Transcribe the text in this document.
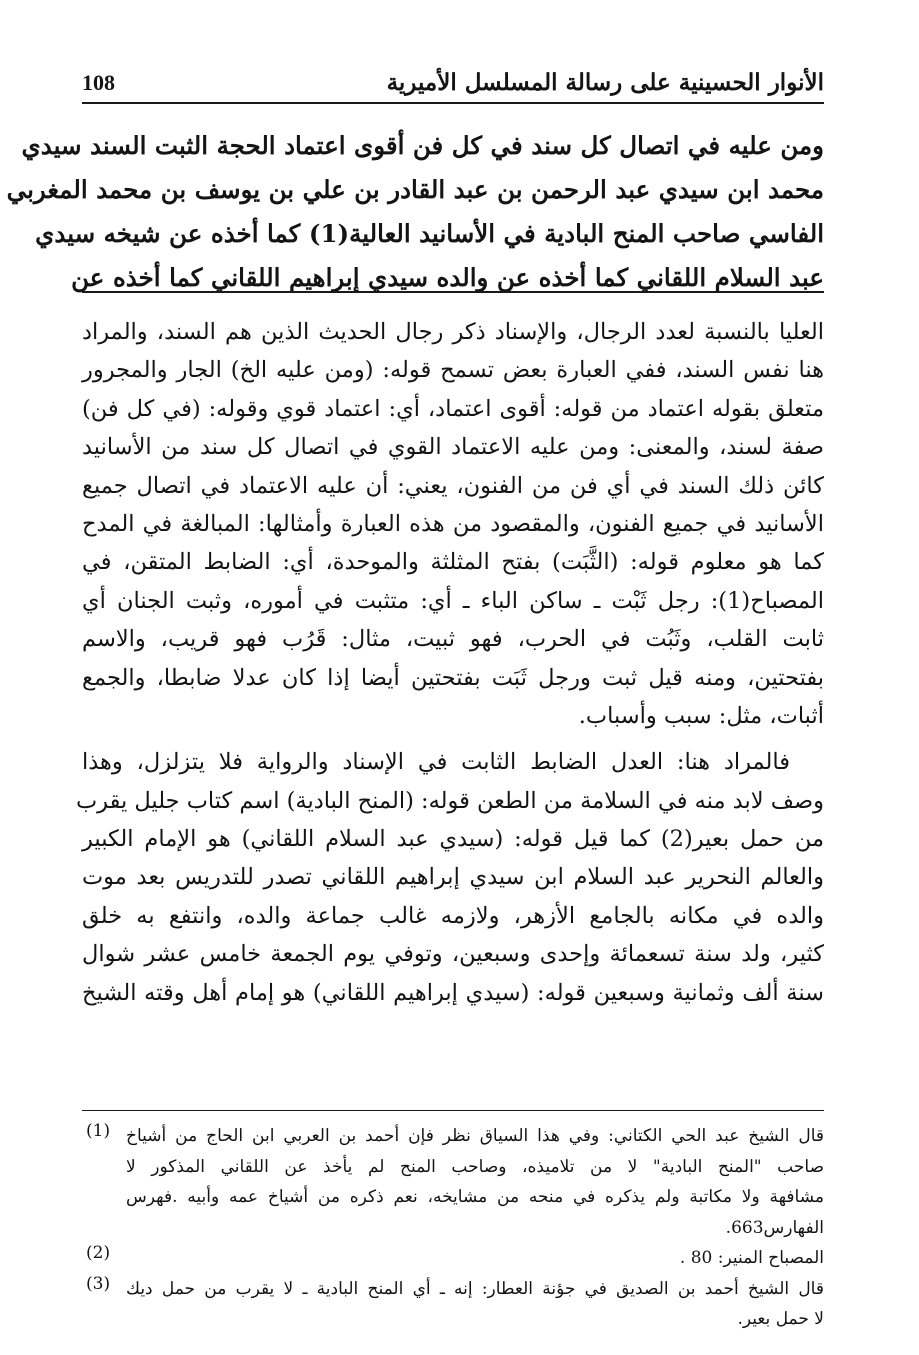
الأنوار الحسينية على رسالة المسلسل الأميرية
108
ومن عليه في اتصال كل سند في كل فن أقوى اعتماد الحجة الثبت السند سيدي
محمد ابن سيدي عبد الرحمن بن عبد القادر بن علي بن يوسف بن محمد المغربي
الفاسي صاحب المنح البادية في الأسانيد العالية(1) كما أخذه عن شيخه سيدي
عبد السلام اللقاني كما أخذه عن والده سيدي إبراهيم اللقاني كما أخذه عن
العليا بالنسبة لعدد الرجال، والإسناد ذكر رجال الحديث الذين هم السند، والمراد
هنا نفس السند، ففي العبارة بعض تسمح قوله: (ومن عليه الخ) الجار والمجرور
متعلق بقوله اعتماد من قوله: أقوى اعتماد، أي: اعتماد قوي وقوله: (في كل فن)
صفة لسند، والمعنى: ومن عليه الاعتماد القوي في اتصال كل سند من الأسانيد
كائن ذلك السند في أي فن من الفنون، يعني: أن عليه الاعتماد في اتصال جميع
الأسانيد في جميع الفنون، والمقصود من هذه العبارة وأمثالها: المبالغة في المدح
كما هو معلوم قوله: (الثَّبَت) بفتح المثلثة والموحدة، أي: الضابط المتقن، في
المصباح(1): رجل ثَبْت ـ ساكن الباء ـ أي: متثبت في أموره، وثبت الجنان أي
ثابت القلب، وثَبُت في الحرب، فهو ثبيت، مثال: قَرُب فهو قريب، والاسم
بفتحتين، ومنه قيل ثبت ورجل ثَبَت بفتحتين أيضا إذا كان عدلا ضابطا، والجمع
أثبات، مثل: سبب وأسباب.
فالمراد هنا: العدل الضابط الثابت في الإسناد والرواية فلا يتزلزل، وهذا
وصف لابد منه في السلامة من الطعن قوله: (المنح البادية) اسم كتاب جليل يقرب
من حمل بعير(2) كما قيل قوله: (سيدي عبد السلام اللقاني) هو الإمام الكبير
والعالم النحرير عبد السلام ابن سيدي إبراهيم اللقاني تصدر للتدريس بعد موت
والده في مكانه بالجامع الأزهر، ولازمه غالب جماعة والده، وانتفع به خلق
كثير، ولد سنة تسعمائة وإحدى وسبعين، وتوفي يوم الجمعة خامس عشر شوال
سنة ألف وثمانية وسبعين قوله: (سيدي إبراهيم اللقاني) هو إمام أهل وقته الشيخ
قال الشيخ عبد الحي الكتاني: وفي هذا السياق نظر فإن أحمد بن العربي ابن الحاج من أشياخ
صاحب "المنح البادية" لا من تلاميذه، وصاحب المنح لم يأخذ عن اللقاني المذكور لا
مشافهة ولا مكاتبة ولم يذكره في منحه من مشايخه، نعم ذكره من أشياخ عمه وأبيه .فهرس
الفهارس663.
(1)
المصباح المنير: 80 .
(2)
قال الشيخ أحمد بن الصديق في جؤنة العطار: إنه ـ أي المنح البادية ـ لا يقرب من حمل ديك
لا حمل بعير.
(3)
